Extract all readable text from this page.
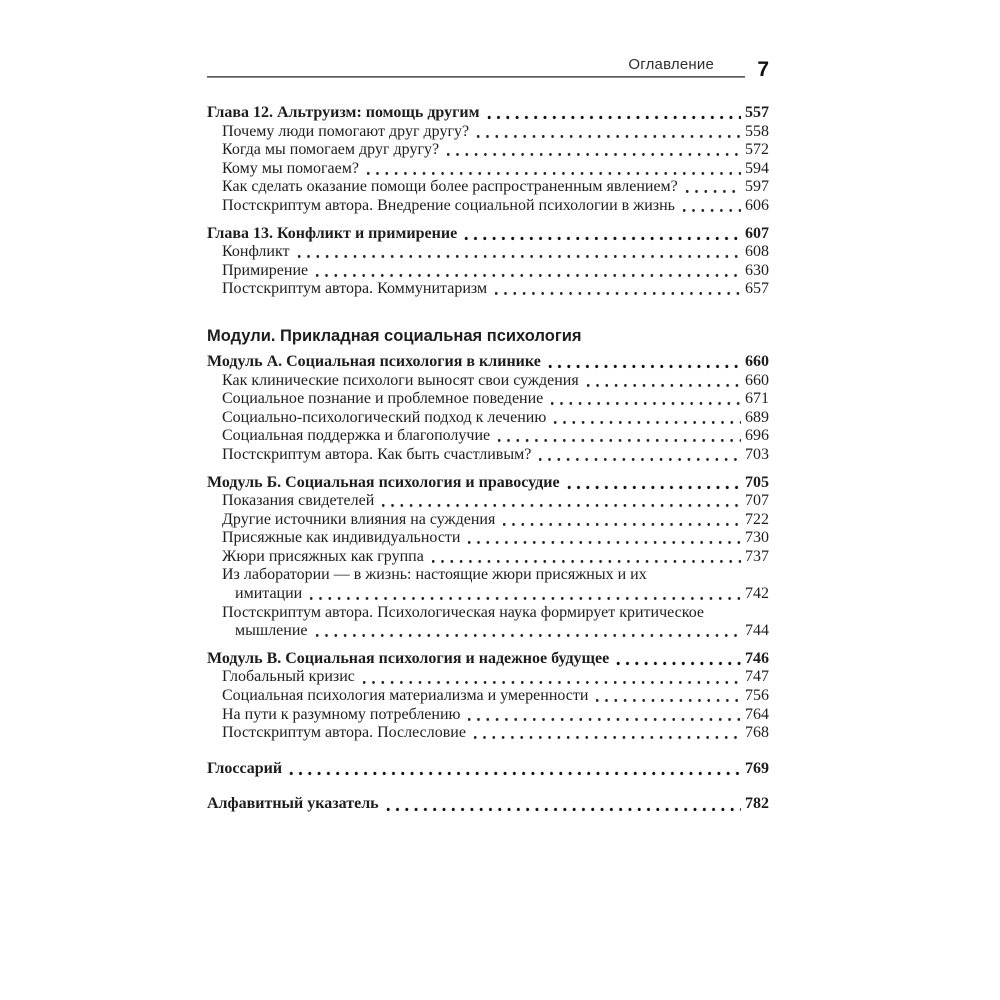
Оглавление 7
Глава 12. Альтруизм: помощь другим	557
Почему люди помогают друг другу?	558
Когда мы помогаем друг другу?	572
Кому мы помогаем?	594
Как сделать оказание помощи более распространенным явлением?	597
Постскриптум автора. Внедрение социальной психологии в жизнь	606
Глава 13. Конфликт и примирение	607
Конфликт	608
Примирение	630
Постскриптум автора. Коммунитаризм	657
Модули. Прикладная социальная психология
Модуль А. Социальная психология в клинике	660
Как клинические психологи выносят свои суждения	660
Социальное познание и проблемное поведение	671
Социально-психологический подход к лечению	689
Социальная поддержка и благополучие	696
Постскриптум автора. Как быть счастливым?	703
Модуль Б. Социальная психология и правосудие	705
Показания свидетелей	707
Другие источники влияния на суждения	722
Присяжные как индивидуальности	730
Жюри присяжных как группа	737
Из лаборатории — в жизнь: настоящие жюри присяжных и их
имитации	742
Постскриптум автора. Психологическая наука формирует критическое
мышление	744
Модуль В. Социальная психология и надежное будущее	746
Глобальный кризис	747
Социальная психология материализма и умеренности	756
На пути к разумному потреблению	764
Постскриптум автора. Послесловие	768
Глоссарий	769
Алфавитный указатель	782
